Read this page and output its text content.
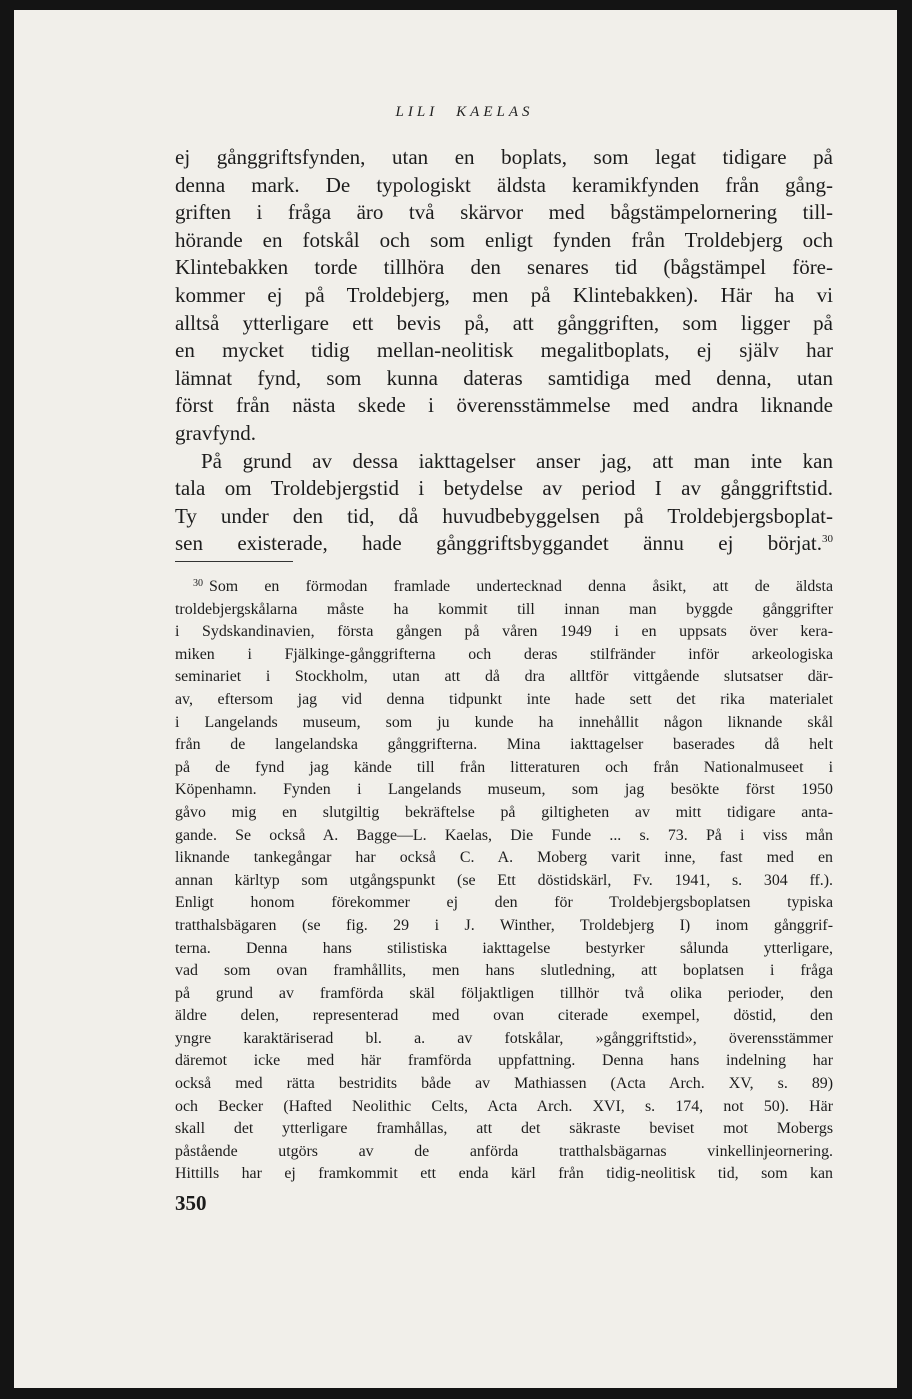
LILI KAELAS

ej gånggriftsfynden, utan en boplats, som legat tidigare på

denna mark. De typologiskt äldsta keramikfynden från gång-

griften i fråga äro två skärvor med bågstämpelornering till-

hörande en fotskål och som enligt fynden från Troldebjerg och

Klintebakken torde tillhöra den senares tid (bågstämpel före-

kommer ej på Troldebjerg, men på Klintebakken). Här ha vi

alltså ytterligare ett bevis på, att gånggriften, som ligger på

en mycket tidig mellan-neolitisk megalitboplats, ej själv har

lämnat fynd, som kunna dateras samtidiga med denna, utan

först från nästa skede i överensstämmelse med andra liknande

gravfynd.

På grund av dessa iakttagelser anser jag, att man inte kan

tala om Troldebjergstid i betydelse av period I av gånggriftstid.

Ty under den tid, då huvudbebyggelsen på Troldebjergsboplat-

sen existerade, hade gånggriftsbyggandet ännu ej börjat.$^{30}$

$^{30}$ Som en förmodan framlade undertecknad denna åsikt, att de äldsta

troldebjergskålarna måste ha kommit till innan man byggde gånggrifter

i Sydskandinavien, första gången på våren 1949 i en uppsats över kera-

miken i Fjälkinge-gånggrifterna och deras stilfränder inför arkeologiska

seminariet i Stockholm, utan att då dra alltför vittgående slutsatser där-

av, eftersom jag vid denna tidpunkt inte hade sett det rika materialet

i Langelands museum, som ju kunde ha innehållit någon liknande skål

från de langelandska gånggrifterna. Mina iakttagelser baserades då helt

på de fynd jag kände till från litteraturen och från Nationalmuseet i

Köpenhamn. Fynden i Langelands museum, som jag besökte först 1950

gåvo mig en slutgiltig bekräftelse på giltigheten av mitt tidigare anta-

gande. Se också A. Bagge—L. Kaelas, Die Funde ... s. 73. På i viss mån

liknande tankegångar har också C. A. Moberg varit inne, fast med en

annan kärltyp som utgångspunkt (se Ett döstidskärl, Fv. 1941, s. 304 ff.).

Enligt honom förekommer ej den för Troldebjergsboplatsen typiska

tratthalsbägaren (se fig. 29 i J. Winther, Troldebjerg I) inom gånggrif-

terna. Denna hans stilistiska iakttagelse bestyrker sålunda ytterligare,

vad som ovan framhållits, men hans slutledning, att boplatsen i fråga

på grund av framförda skäl följaktligen tillhör två olika perioder, den

äldre delen, representerad med ovan citerade exempel, döstid, den

yngre karaktäriserad bl. a. av fotskålar, »gånggriftstid», överensstämmer

däremot icke med här framförda uppfattning. Denna hans indelning har

också med rätta bestridits både av Mathiassen (Acta Arch. XV, s. 89)

och Becker (Hafted Neolithic Celts, Acta Arch. XVI, s. 174, not 50). Här

skall det ytterligare framhållas, att det säkraste beviset mot Mobergs

påstående utgörs av de anförda tratthalsbägarnas vinkellinjeornering.

Hittills har ej framkommit ett enda kärl från tidig-neolitisk tid, som kan

350
